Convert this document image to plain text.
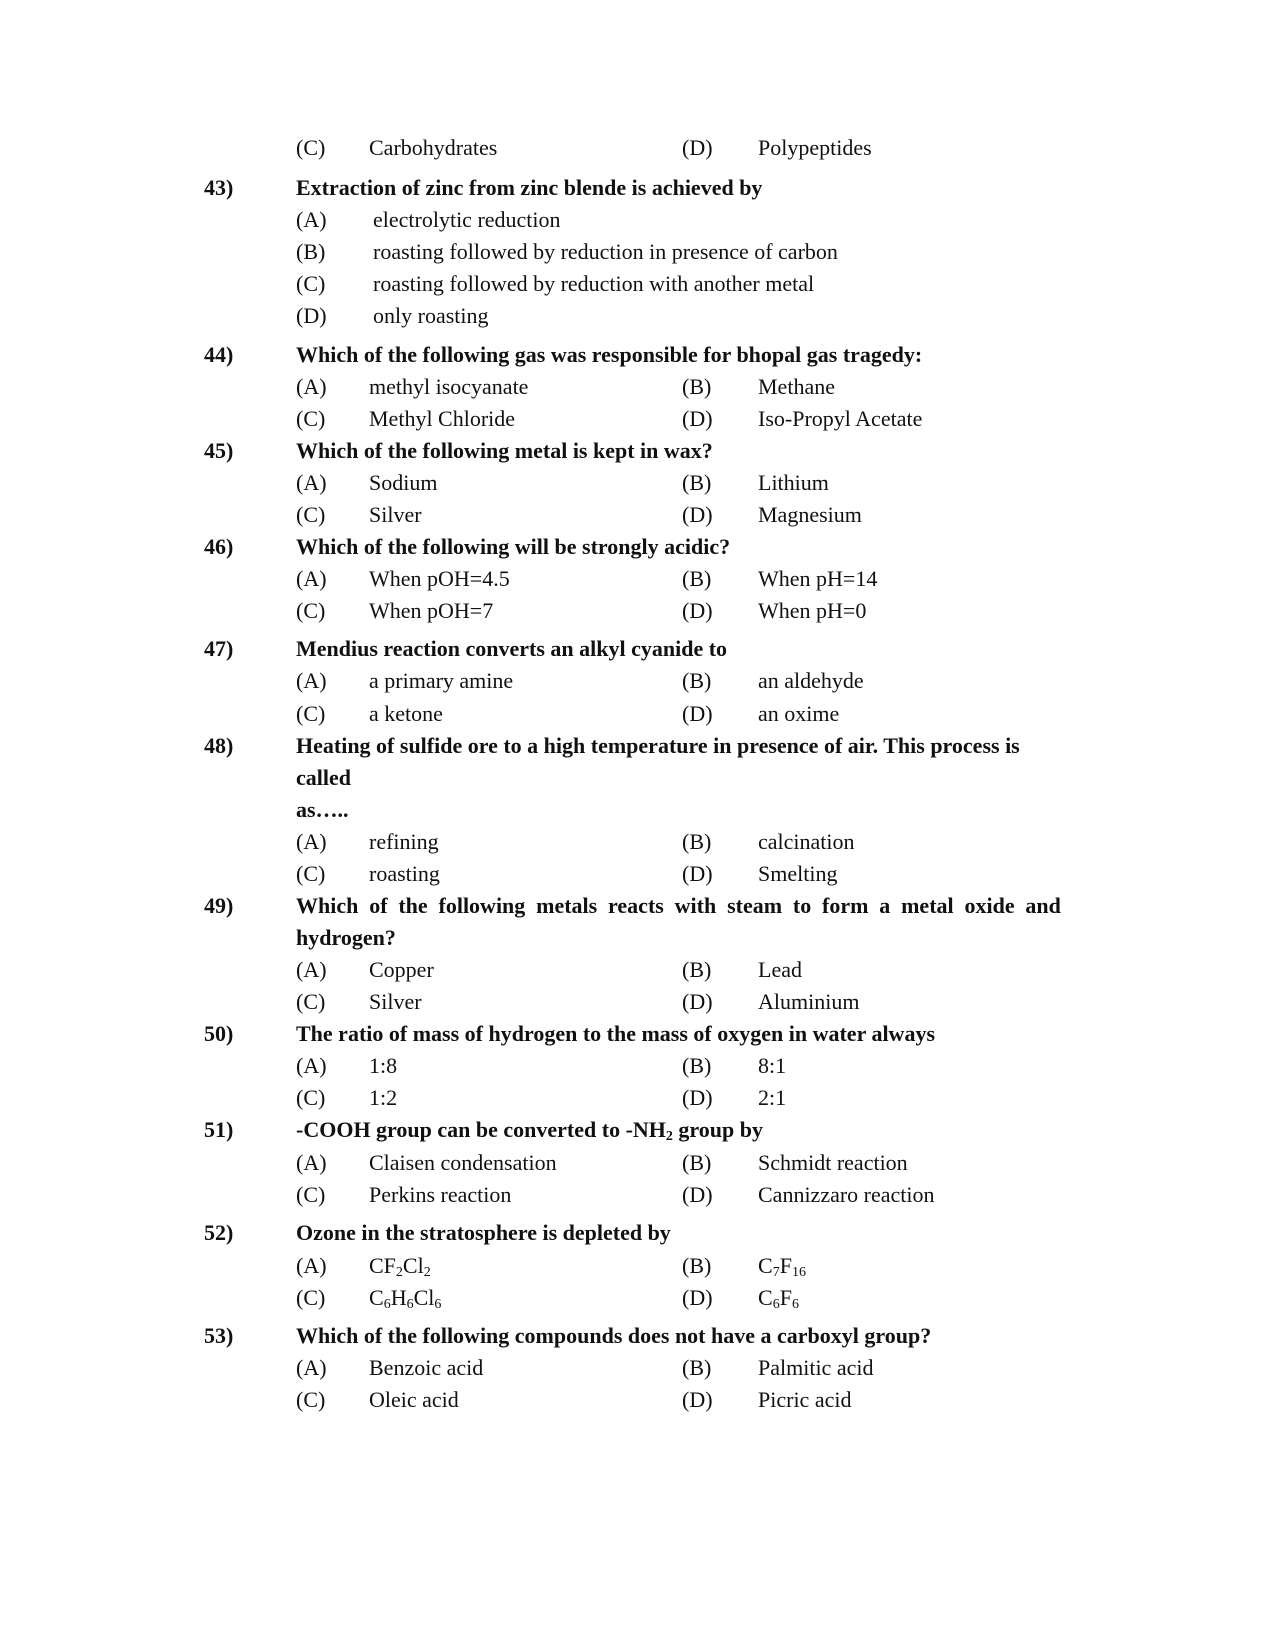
(C) Carbohydrates	(D) Polypeptides
43)	Extraction of zinc from zinc blende is achieved by
(A) electrolytic reduction
(B) roasting followed by reduction in presence of carbon
(C) roasting followed by reduction with another metal
(D) only roasting
44)	Which of the following gas was responsible for bhopal gas tragedy:
(A) methyl isocyanate	(B) Methane
(C) Methyl Chloride	(D) Iso-Propyl Acetate
45)	Which of the following metal is kept in wax?
(A) Sodium	(B) Lithium
(C) Silver	(D) Magnesium
46)	Which of the following will be strongly acidic?
(A) When pOH=4.5	(B) When pH=14
(C) When pOH=7	(D) When pH=0
47)	Mendius reaction converts an alkyl cyanide to
(A) a primary amine	(B) an aldehyde
(C) a ketone	(D) an oxime
48)	Heating of sulfide ore to a high temperature in presence of air. This process is
called
as…..
(A) refining	(B) calcination
(C) roasting	(D) Smelting
49)	Which of the following metals reacts with steam to form a metal oxide and
hydrogen?
(A) Copper	(B) Lead
(C) Silver	(D) Aluminium
50)	The ratio of mass of hydrogen to the mass of oxygen in water always
(A) 1:8	(B) 8:1
(C) 1:2	(D) 2:1
51)	-COOH group can be converted to $-NH_2$ group by
(A) Claisen condensation	(B) Schmidt reaction
(C) Perkins reaction	(D) Cannizzaro reaction
52)	Ozone in the stratosphere is depleted by
(A) $CF_2Cl_2$	(B) $C_7F_{16}$
(C) $C_6H_6Cl_6$	(D) $C_6F_6$
53)	Which of the following compounds does not have a carboxyl group?
(A) Benzoic acid	(B) Palmitic acid
(C) Oleic acid	(D) Picric acid
